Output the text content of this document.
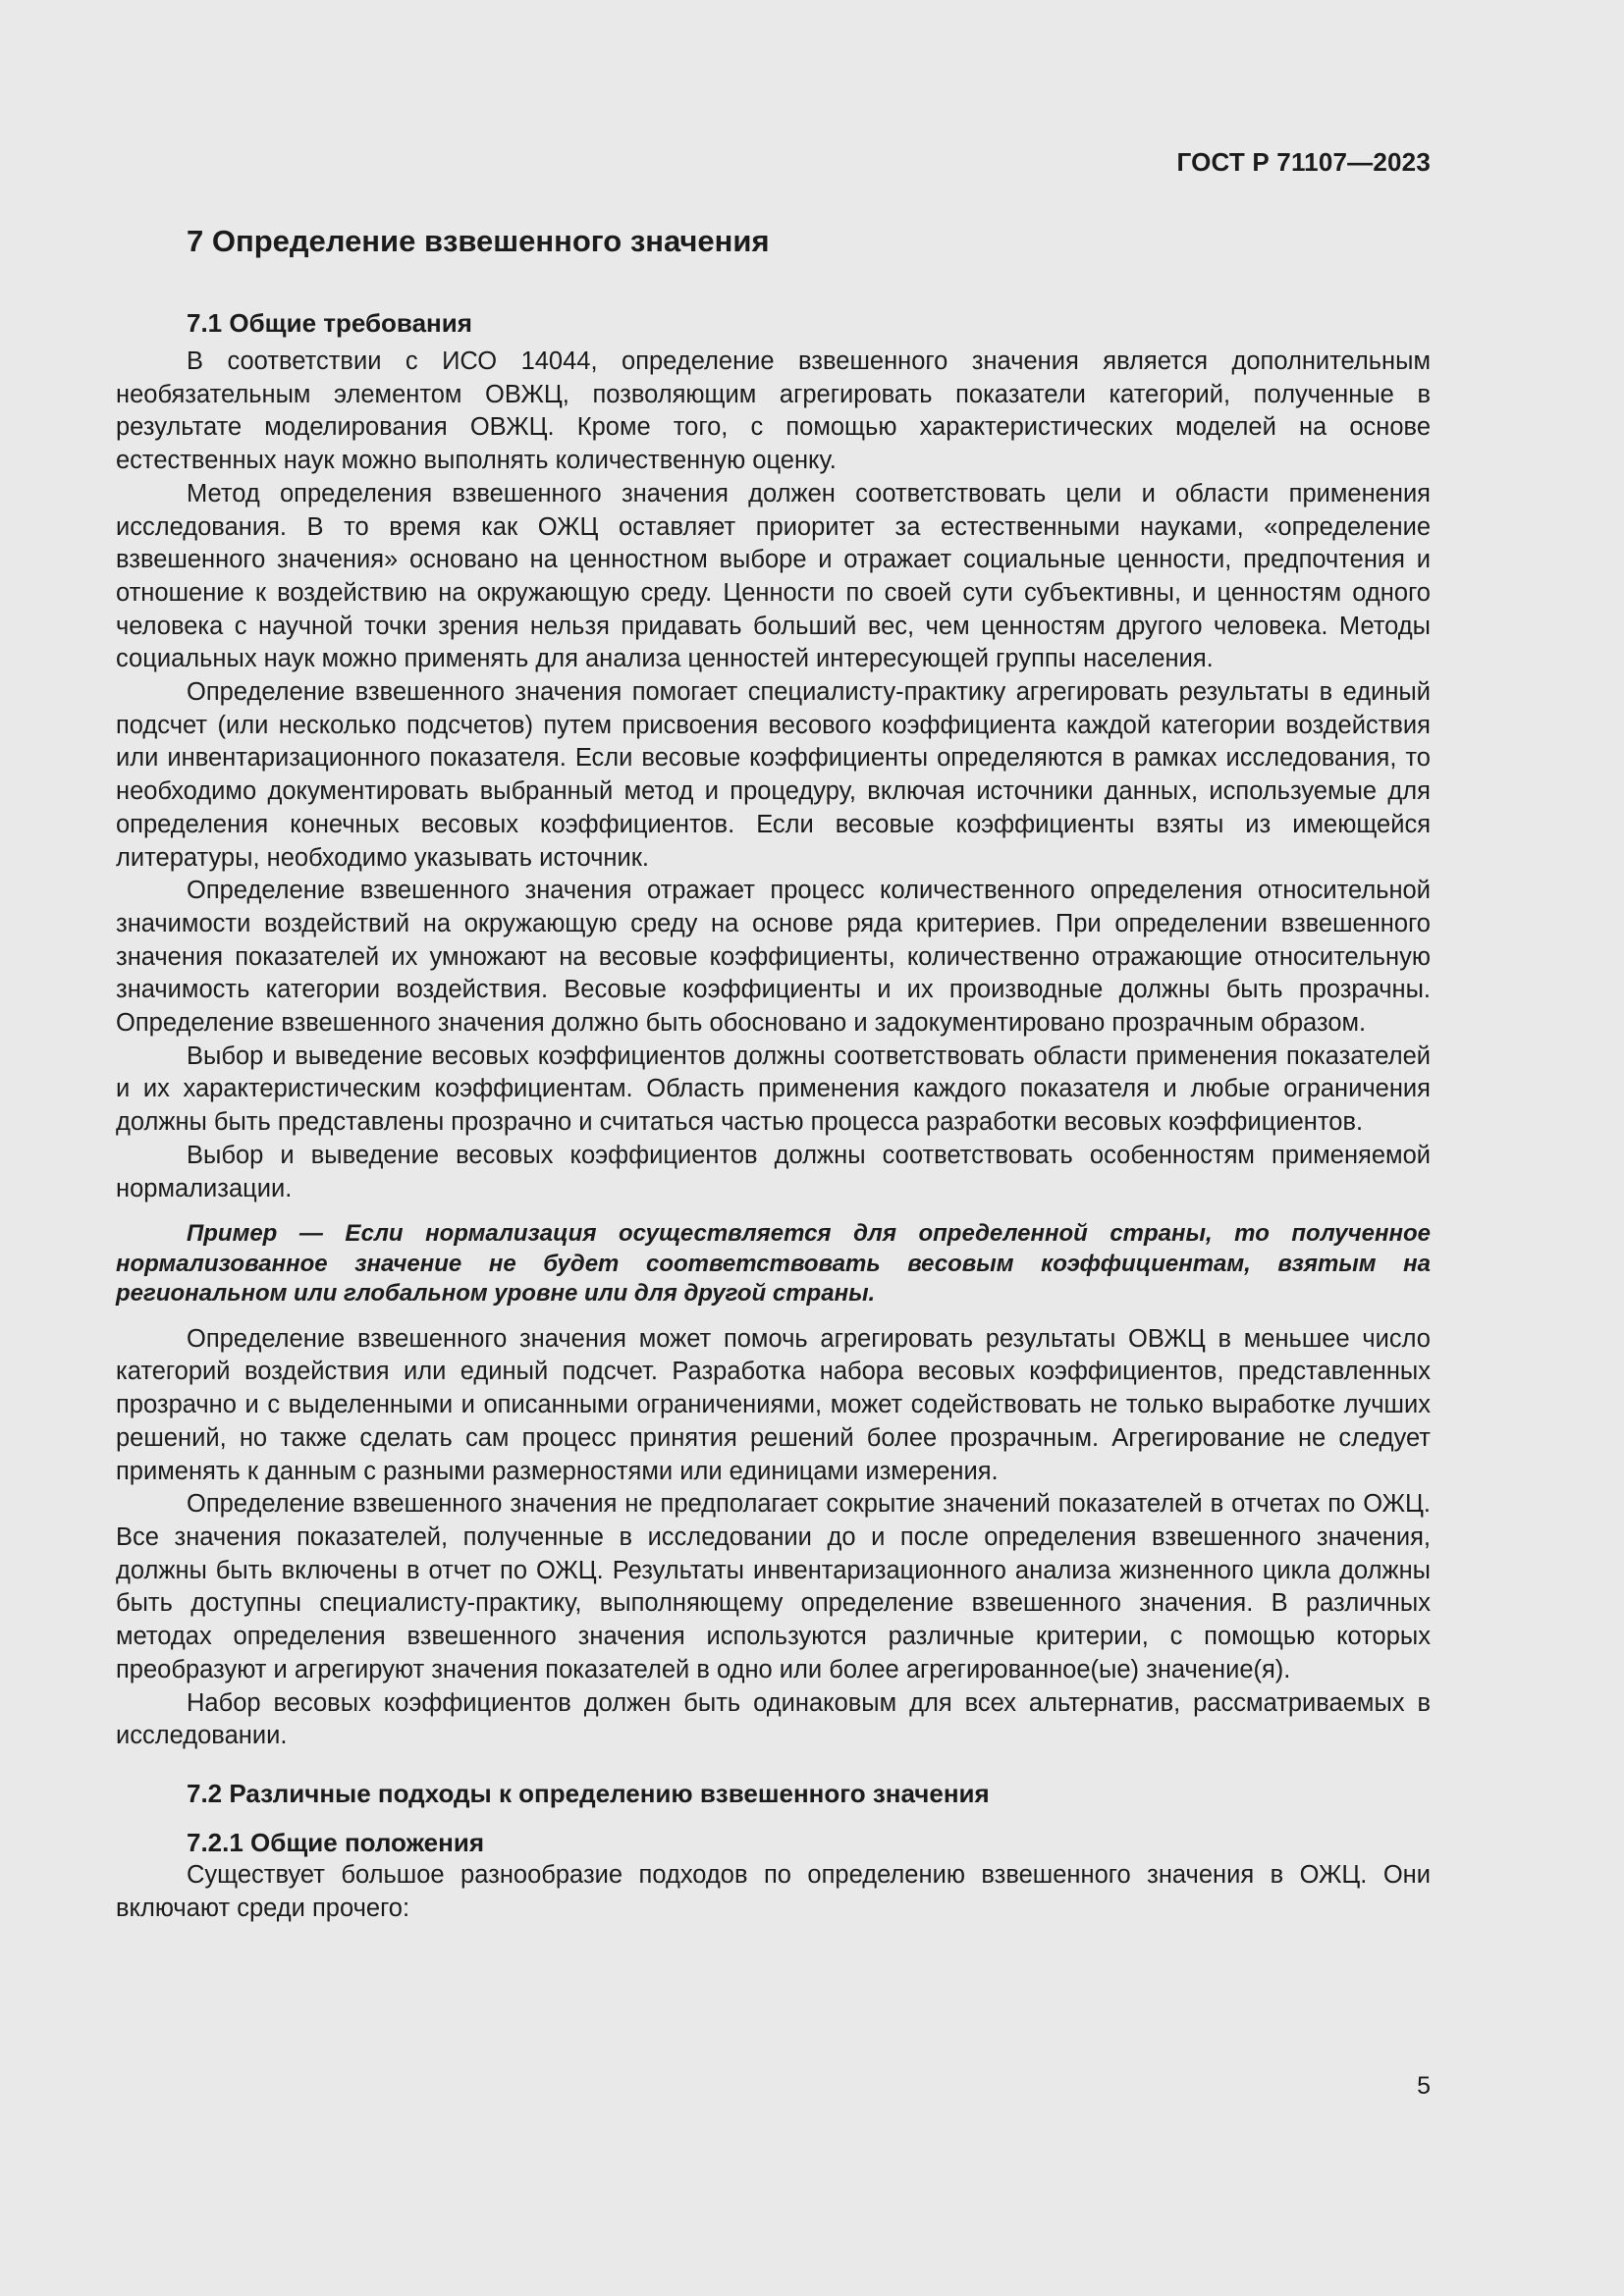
ГОСТ Р 71107—2023

7 Определение взвешенного значения
7.1 Общие требования

В соответствии с ИСО 14044, определение взвешенного значения является дополнительным необязательным элементом ОВЖЦ, позволяющим агрегировать показатели категорий, полученные в результате моделирования ОВЖЦ. Кроме того, с помощью характеристических моделей на основе естественных наук можно выполнять количественную оценку.

Метод определения взвешенного значения должен соответствовать цели и области применения исследования. В то время как ОЖЦ оставляет приоритет за естественными науками, «определение взвешенного значения» основано на ценностном выборе и отражает социальные ценности, предпочтения и отношение к воздействию на окружающую среду. Ценности по своей сути субъективны, и ценностям одного человека с научной точки зрения нельзя придавать больший вес, чем ценностям другого человека. Методы социальных наук можно применять для анализа ценностей интересующей группы населения.

Определение взвешенного значения помогает специалисту-практику агрегировать результаты в единый подсчет (или несколько подсчетов) путем присвоения весового коэффициента каждой категории воздействия или инвентаризационного показателя. Если весовые коэффициенты определяются в рамках исследования, то необходимо документировать выбранный метод и процедуру, включая источники данных, используемые для определения конечных весовых коэффициентов. Если весовые коэффициенты взяты из имеющейся литературы, необходимо указывать источник.

Определение взвешенного значения отражает процесс количественного определения относительной значимости воздействий на окружающую среду на основе ряда критериев. При определении взвешенного значения показателей их умножают на весовые коэффициенты, количественно отражающие относительную значимость категории воздействия. Весовые коэффициенты и их производные должны быть прозрачны. Определение взвешенного значения должно быть обосновано и задокументировано прозрачным образом.

Выбор и выведение весовых коэффициентов должны соответствовать области применения показателей и их характеристическим коэффициентам. Область применения каждого показателя и любые ограничения должны быть представлены прозрачно и считаться частью процесса разработки весовых коэффициентов.

Выбор и выведение весовых коэффициентов должны соответствовать особенностям применяемой нормализации.

Пример — Если нормализация осуществляется для определенной страны, то полученное нормализованное значение не будет соответствовать весовым коэффициентам, взятым на региональном или глобальном уровне или для другой страны.

Определение взвешенного значения может помочь агрегировать результаты ОВЖЦ в меньшее число категорий воздействия или единый подсчет. Разработка набора весовых коэффициентов, представленных прозрачно и с выделенными и описанными ограничениями, может содействовать не только выработке лучших решений, но также сделать сам процесс принятия решений более прозрачным. Агрегирование не следует применять к данным с разными размерностями или единицами измерения.

Определение взвешенного значения не предполагает сокрытие значений показателей в отчетах по ОЖЦ. Все значения показателей, полученные в исследовании до и после определения взвешенного значения, должны быть включены в отчет по ОЖЦ. Результаты инвентаризационного анализа жизненного цикла должны быть доступны специалисту-практику, выполняющему определение взвешенного значения. В различных методах определения взвешенного значения используются различные критерии, с помощью которых преобразуют и агрегируют значения показателей в одно или более агрегированное(ые) значение(я).

Набор весовых коэффициентов должен быть одинаковым для всех альтернатив, рассматриваемых в исследовании.

7.2 Различные подходы к определению взвешенного значения
7.2.1 Общие положения

Существует большое разнообразие подходов по определению взвешенного значения в ОЖЦ. Они включают среди прочего:

5
